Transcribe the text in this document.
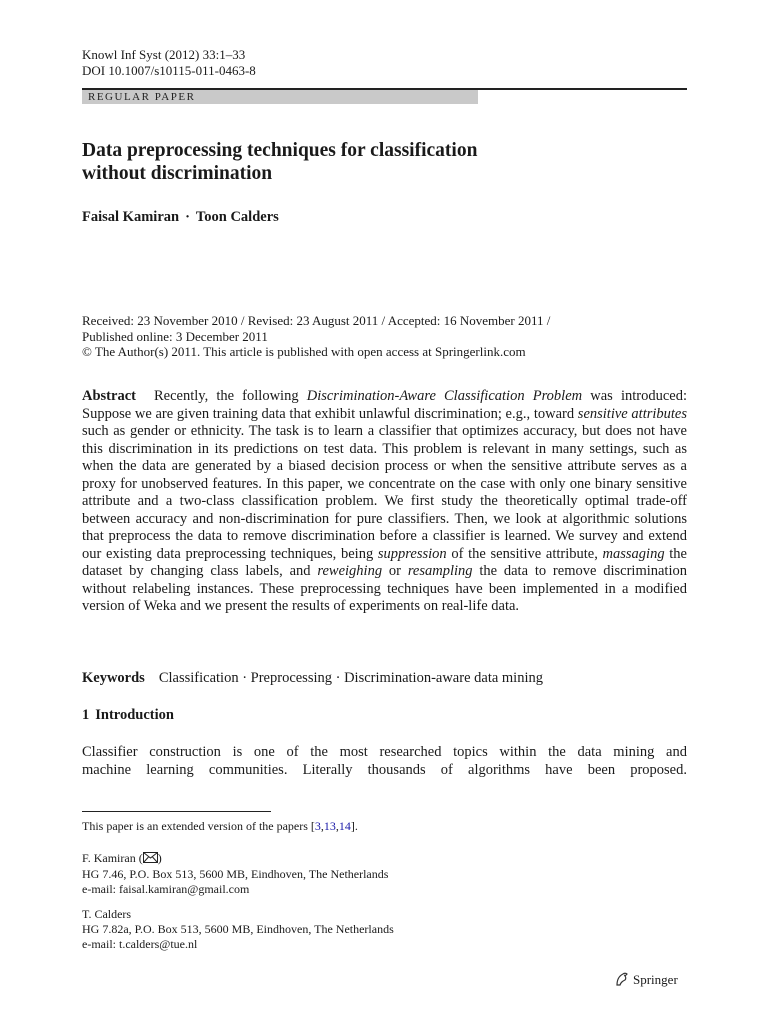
Knowl Inf Syst (2012) 33:1–33
DOI 10.1007/s10115-011-0463-8
REGULAR PAPER
Data preprocessing techniques for classification
without discrimination
Faisal Kamiran · Toon Calders
Received: 23 November 2010 / Revised: 23 August 2011 / Accepted: 16 November 2011 /
Published online: 3 December 2011
© The Author(s) 2011. This article is published with open access at Springerlink.com
Abstract Recently, the following Discrimination-Aware Classification Problem was introduced: Suppose we are given training data that exhibit unlawful discrimination; e.g., toward sensitive attributes such as gender or ethnicity. The task is to learn a classifier that optimizes accuracy, but does not have this discrimination in its predictions on test data. This problem is relevant in many settings, such as when the data are generated by a biased decision process or when the sensitive attribute serves as a proxy for unobserved features. In this paper, we concentrate on the case with only one binary sensitive attribute and a two-class classification problem. We first study the theoretically optimal trade-off between accuracy and non-discrimination for pure classifiers. Then, we look at algorithmic solutions that preprocess the data to remove discrimination before a classifier is learned. We survey and extend our existing data preprocessing techniques, being suppression of the sensitive attribute, massaging the dataset by changing class labels, and reweighing or resampling the data to remove discrimination without relabeling instances. These preprocessing techniques have been implemented in a modified version of Weka and we present the results of experiments on real-life data.
Keywords Classification · Preprocessing · Discrimination-aware data mining
1 Introduction
Classifier construction is one of the most researched topics within the data mining and
machine learning communities. Literally thousands of algorithms have been proposed.
This paper is an extended version of the papers [3,13,14].
F. Kamiran ( )
HG 7.46, P.O. Box 513, 5600 MB, Eindhoven, The Netherlands
e-mail: faisal.kamiran@gmail.com
T. Calders
HG 7.82a, P.O. Box 513, 5600 MB, Eindhoven, The Netherlands
e-mail: t.calders@tue.nl
Springer
